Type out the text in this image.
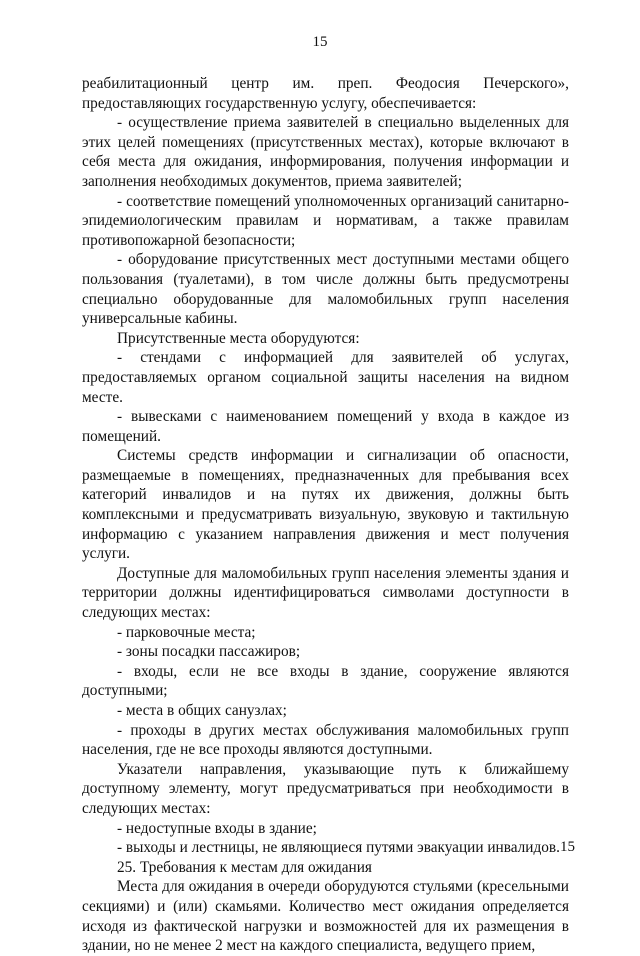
15

реабилитационный центр им. преп. Феодосия Печерского», предоставляющих государственную услугу, обеспечивается:

- осуществление приема заявителей в специально выделенных для этих целей помещениях (присутственных местах), которые включают в себя места для ожидания, информирования, получения информации и заполнения необходимых документов, приема заявителей;

- соответствие помещений уполномоченных организаций санитарно-эпидемиологическим правилам и нормативам, а также правилам противопожарной безопасности;

- оборудование присутственных мест доступными местами общего пользования (туалетами), в том числе должны быть предусмотрены специально оборудованные для маломобильных групп населения универсальные кабины.

Присутственные места оборудуются:

- стендами с информацией для заявителей об услугах, предоставляемых органом социальной защиты населения на видном месте.

- вывесками с наименованием помещений у входа в каждое из помещений.

Системы средств информации и сигнализации об опасности, размещаемые в помещениях, предназначенных для пребывания всех категорий инвалидов и на путях их движения, должны быть комплексными и предусматривать визуальную, звуковую и тактильную информацию с указанием направления движения и мест получения услуги.

Доступные для маломобильных групп населения элементы здания и территории должны идентифицироваться символами доступности в следующих местах:

- парковочные места;

- зоны посадки пассажиров;

- входы, если не все входы в здание, сооружение являются доступными;

- места в общих санузлах;

- проходы в других местах обслуживания маломобильных групп населения, где не все проходы являются доступными.

Указатели направления, указывающие путь к ближайшему доступному элементу, могут предусматриваться при необходимости в следующих местах:

- недоступные входы в здание;

- выходы и лестницы, не являющиеся путями эвакуации инвалидов.

25. Требования к местам для ожидания

Места для ожидания в очереди оборудуются стульями (кресельными секциями) и (или) скамьями. Количество мест ожидания определяется исходя из фактической нагрузки и возможностей для их размещения в здании, но не менее 2 мест на каждого специалиста, ведущего прием,

15
